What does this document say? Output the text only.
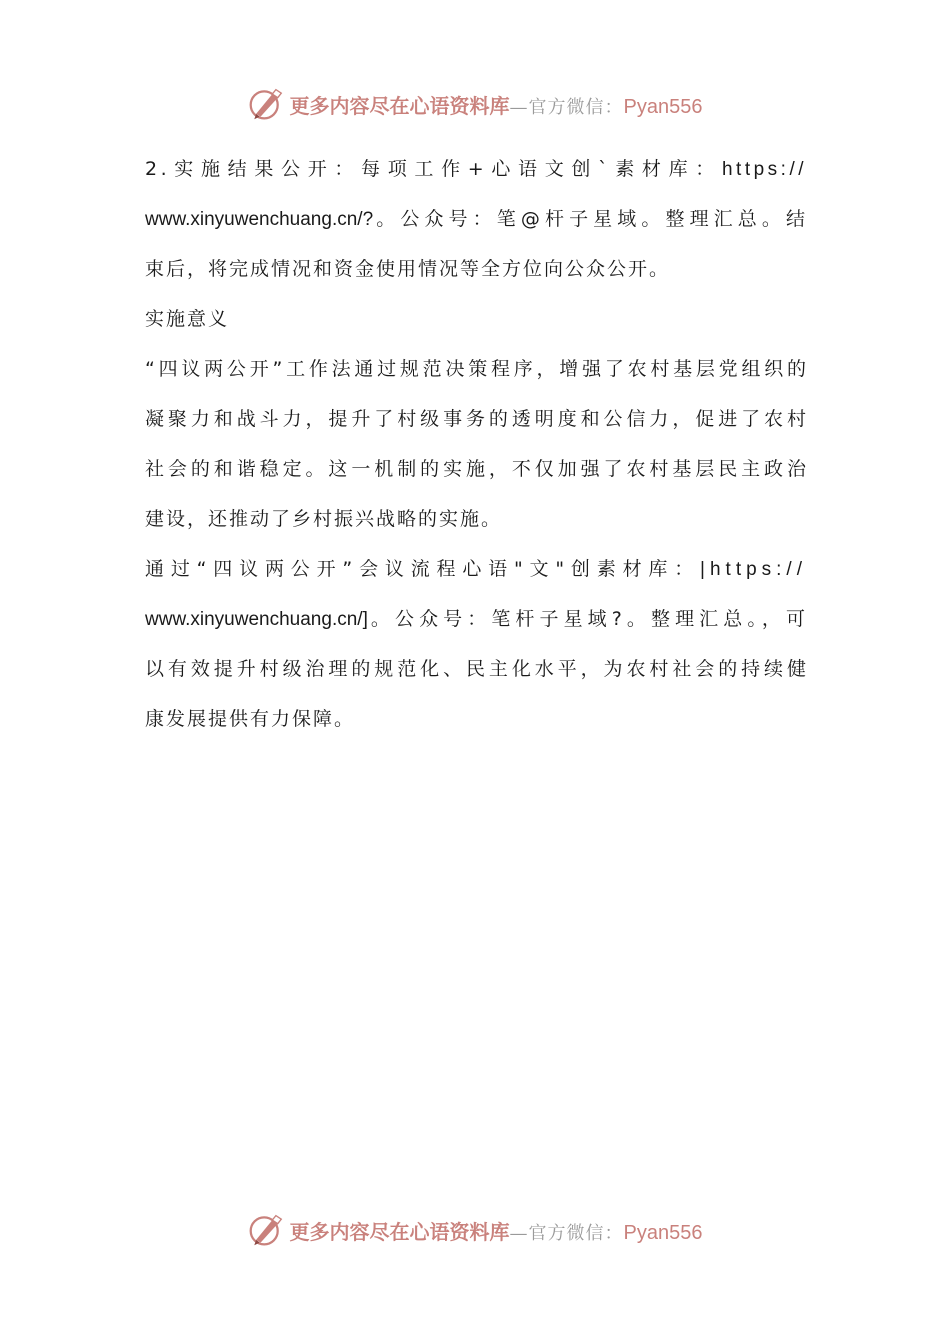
更多内容尽在心语资料库 — 官方微信： Pyan556
2.实施结果公开：每项工作+心语文创`素材库：https://
www.xinyuwenchuang.cn/?。公众号：笔@杆子星域。整理汇总。结
束后，将完成情况和资金使用情况等全方位向公众公开。
实施意义
“四议两公开”工作法通过规范决策程序，增强了农村基层党组织的
凝聚力和战斗力，提升了村级事务的透明度和公信力，促进了农村
社会的和谐稳定。这一机制的实施，不仅加强了农村基层民主政治
建设，还推动了乡村振兴战略的实施。
通过“四议两公开”会议流程心语"文"创素材库：|https://
www.xinyuwenchuang.cn/]。公众号：笔杆子星域?。整理汇总。，可
以有效提升村级治理的规范化、民主化水平，为农村社会的持续健
康发展提供有力保障。
更多内容尽在心语资料库 — 官方微信： Pyan556
